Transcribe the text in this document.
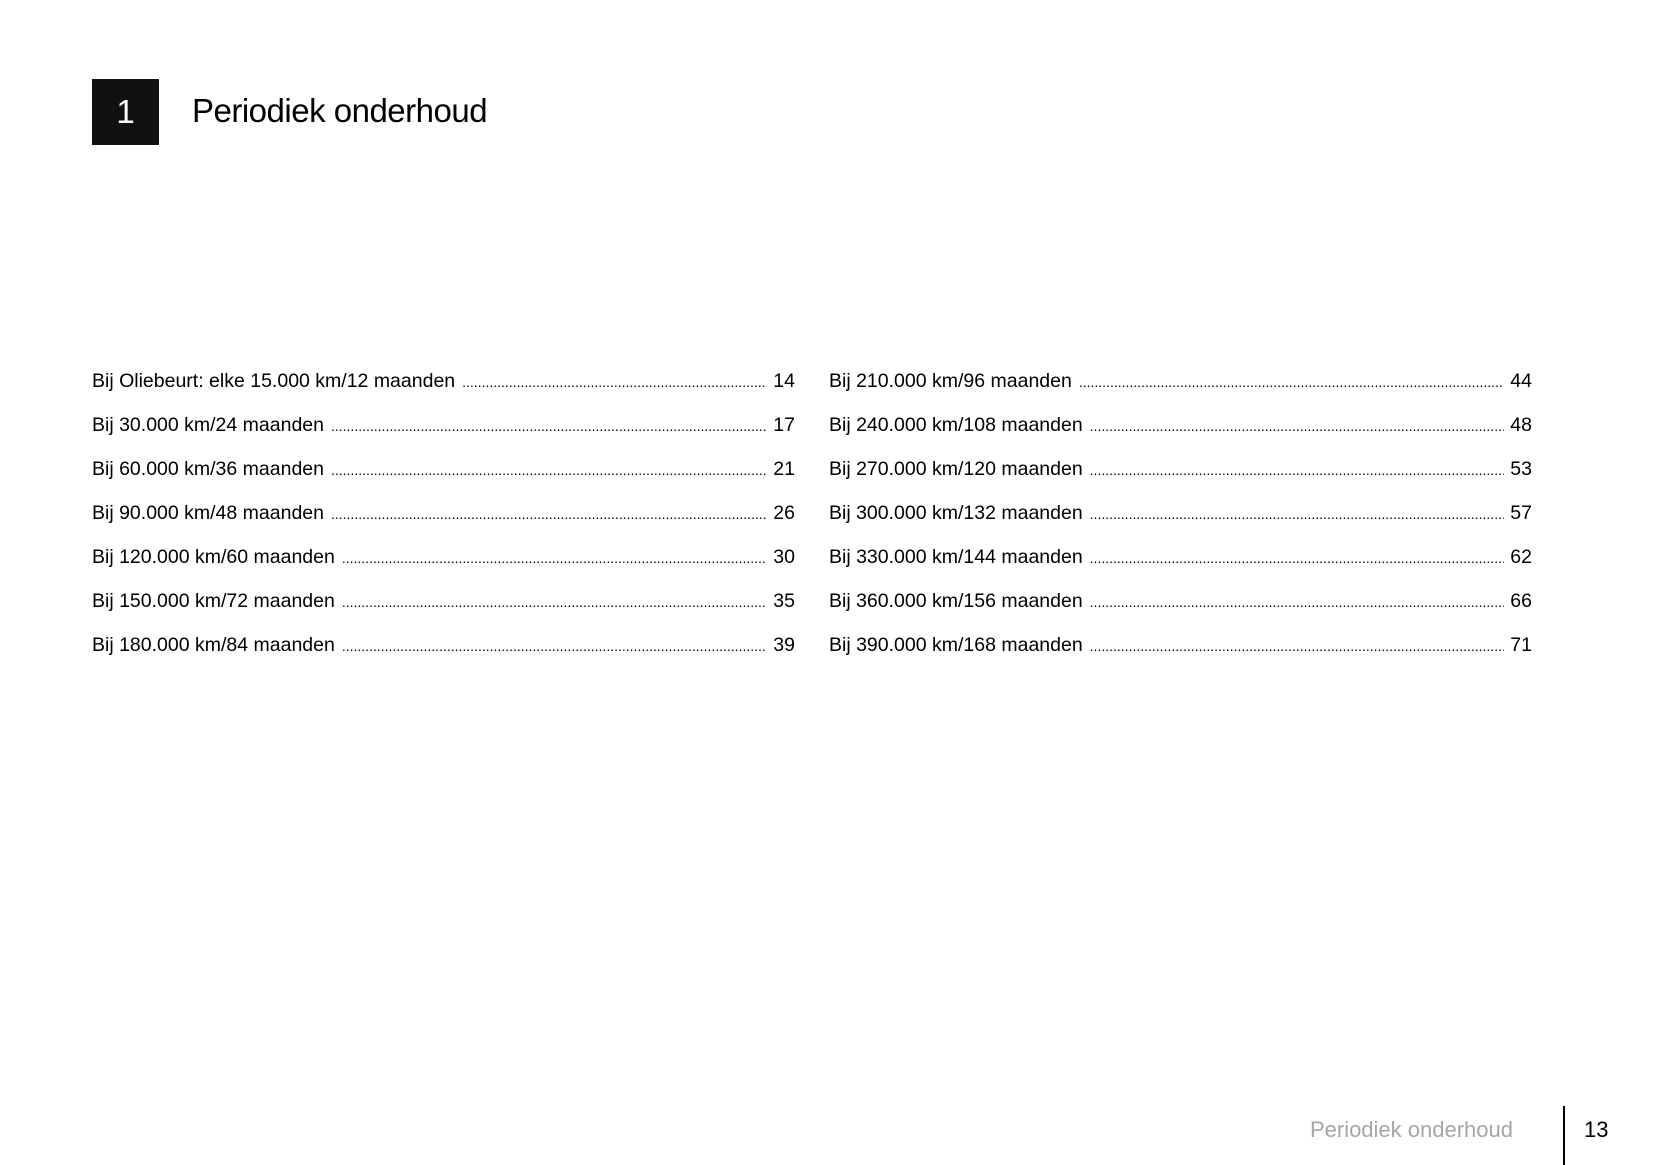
1 Periodiek onderhoud
Bij Oliebeurt: elke 15.000 km/12 maanden .....	14
Bij 30.000 km/24 maanden .....	17
Bij 60.000 km/36 maanden .....	21
Bij 90.000 km/48 maanden .....	26
Bij 120.000 km/60 maanden .....	30
Bij 150.000 km/72 maanden .....	35
Bij 180.000 km/84 maanden .....	39
Bij 210.000 km/96 maanden .....	44
Bij 240.000 km/108 maanden .....	48
Bij 270.000 km/120 maanden .....	53
Bij 300.000 km/132 maanden .....	57
Bij 330.000 km/144 maanden .....	62
Bij 360.000 km/156 maanden .....	66
Bij 390.000 km/168 maanden .....	71
Periodiek onderhoud	13
